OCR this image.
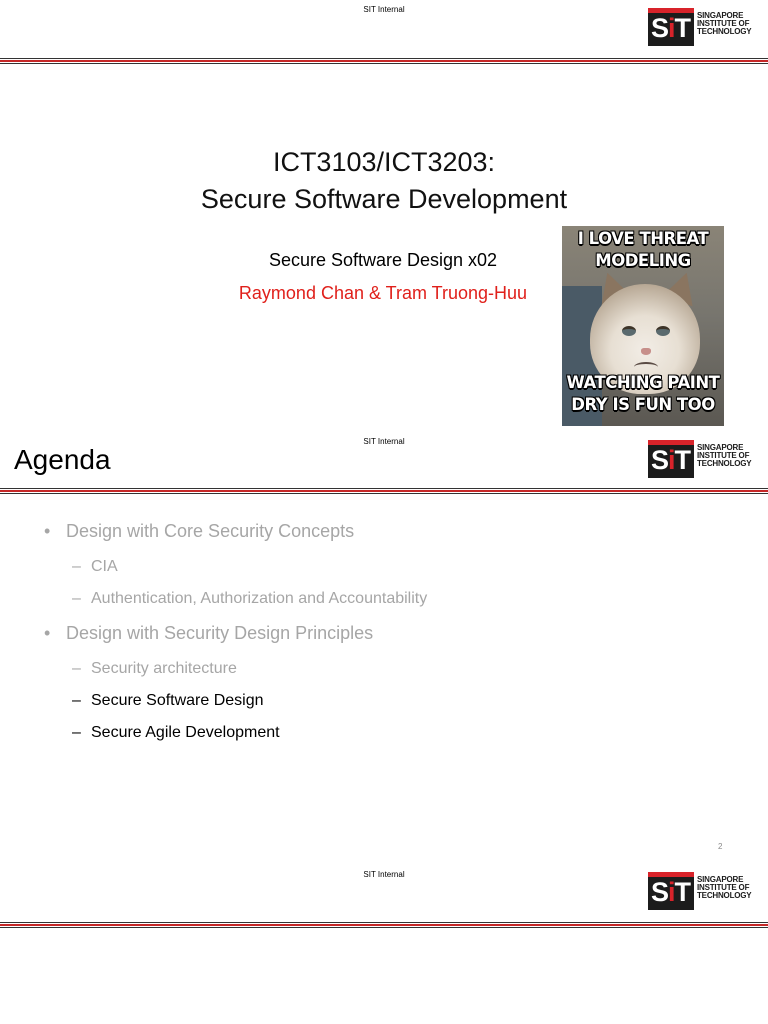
SIT Internal
SiT SINGAPORE
INSTITUTE OF
TECHNOLOGY
ICT3103/ICT3203:
Secure Software Development
Secure Software Design x02
Raymond Chan & Tram Truong-Huu
I LOVE THREAT
MODELING
WATCHING PAINT
DRY IS FUN TOO
SIT Internal
Agenda	SiT SINGAPORE
INSTITUTE OF
TECHNOLOGY
• Design with Core Security Concepts
– CIA
– Authentication, Authorization and Accountability
• Design with Security Design Principles
– Security architecture
– Secure Software Design
– Secure Agile Development
2
SIT Internal
SiT SINGAPORE
INSTITUTE OF
TECHNOLOGY
